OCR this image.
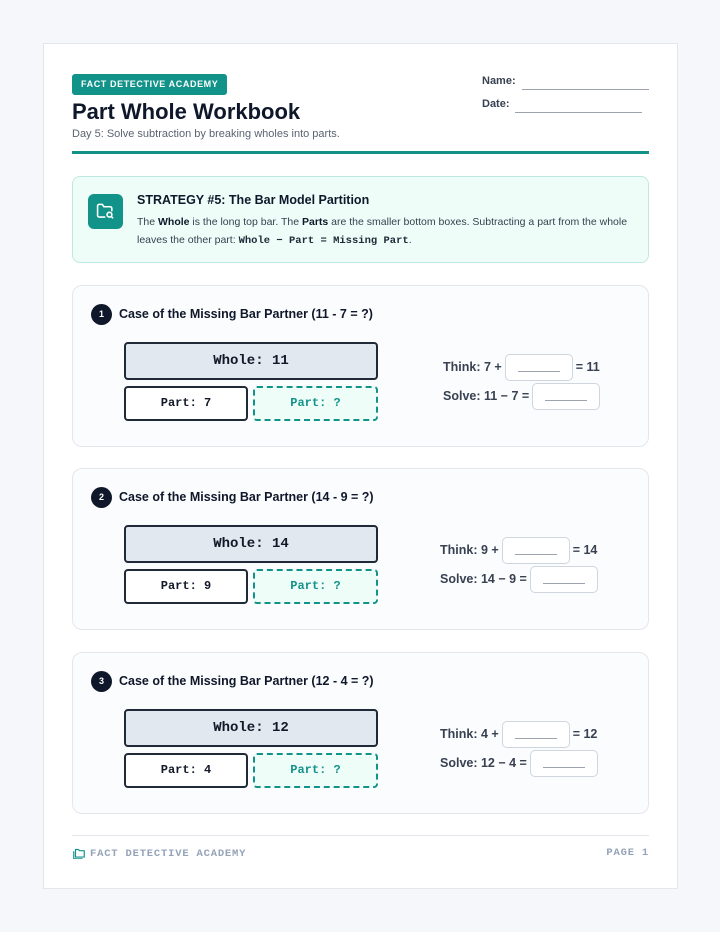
FACT DETECTIVE ACADEMY
Part Whole Workbook
Day 5: Solve subtraction by breaking wholes into parts.
Name:
Date:
STRATEGY #5: The Bar Model Partition
The Whole is the long top bar. The Parts are the smaller bottom boxes. Subtracting a part from the whole leaves the other part: Whole − Part = Missing Part.
1	Case of the Missing Bar Partner (11 - 7 = ?)
Whole: 11
Part: 7	Part: ?
Think: 7 +	= 11
Solve: 11 − 7 =
2	Case of the Missing Bar Partner (14 - 9 = ?)
Whole: 14
Part: 9	Part: ?
Think: 9 +	= 14
Solve: 14 − 9 =
3	Case of the Missing Bar Partner (12 - 4 = ?)
Whole: 12
Part: 4	Part: ?
Think: 4 +	= 12
Solve: 12 − 4 =
FACT DETECTIVE ACADEMY	PAGE 1
